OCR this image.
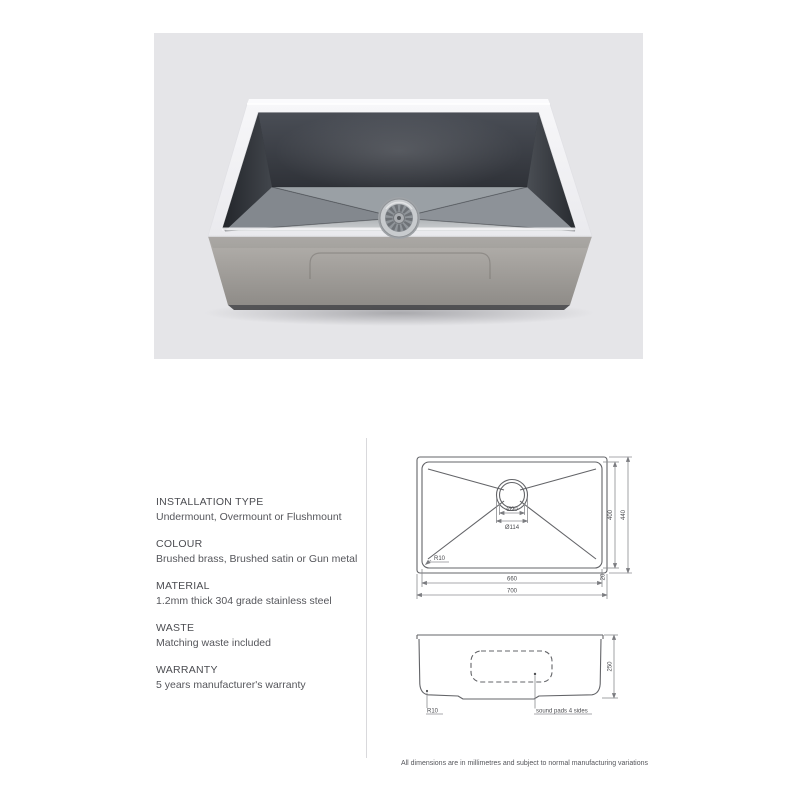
INSTALLATION TYPE
Undermount, Overmount or Flushmount
COLOUR
Brushed brass, Brushed satin or Gun metal
MATERIAL
1.2mm thick 304 grade stainless steel
WASTE
Matching waste included
WARRANTY
5 years manufacturer's warranty
Ø90
Ø114
R10
400 440
660	20
700
R10	sound pads 4 sides
250
All dimensions are in millimetres and subject to normal manufacturing variations
